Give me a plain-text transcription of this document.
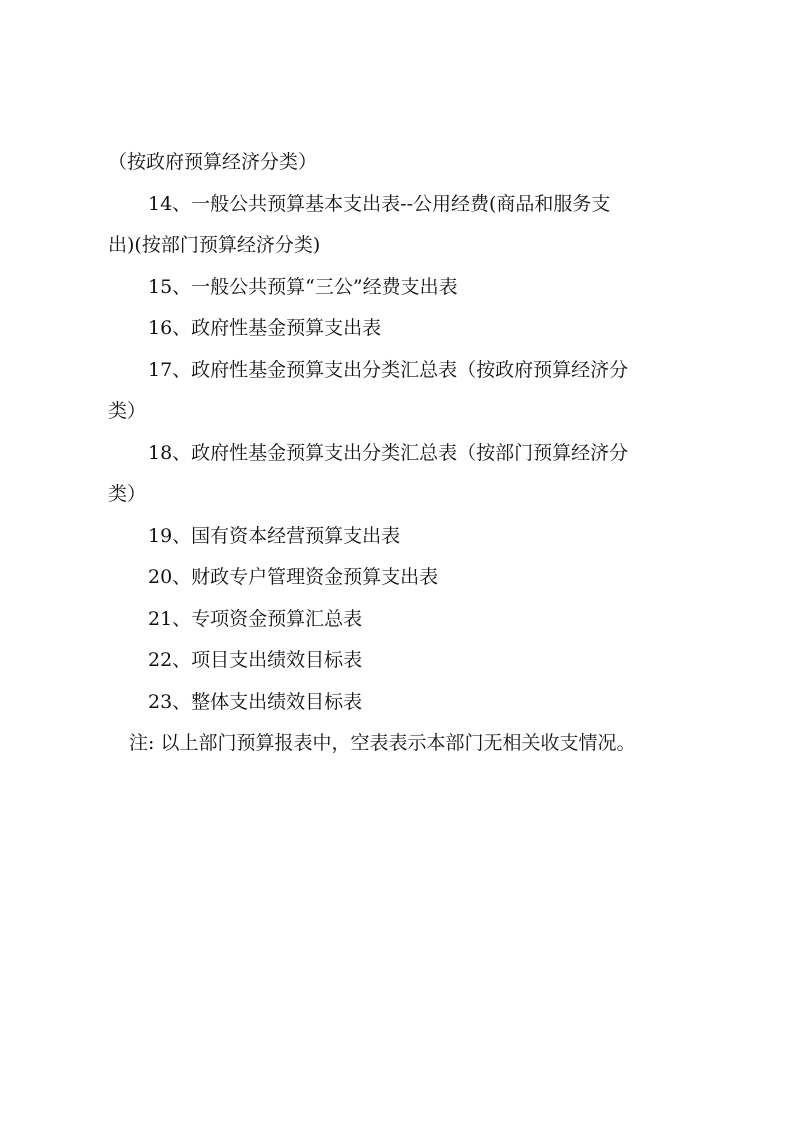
（按政府预算经济分类）
14、一般公共预算基本支出表--公用经费(商品和服务支
出)(按部门预算经济分类)
15、一般公共预算“三公”经费支出表
16、政府性基金预算支出表
17、政府性基金预算支出分类汇总表（按政府预算经济分
类）
18、政府性基金预算支出分类汇总表（按部门预算经济分
类）
19、国有资本经营预算支出表
20、财政专户管理资金预算支出表
21、专项资金预算汇总表
22、项目支出绩效目标表
23、整体支出绩效目标表
注: 以上部门预算报表中，空表表示本部门无相关收支情况。
